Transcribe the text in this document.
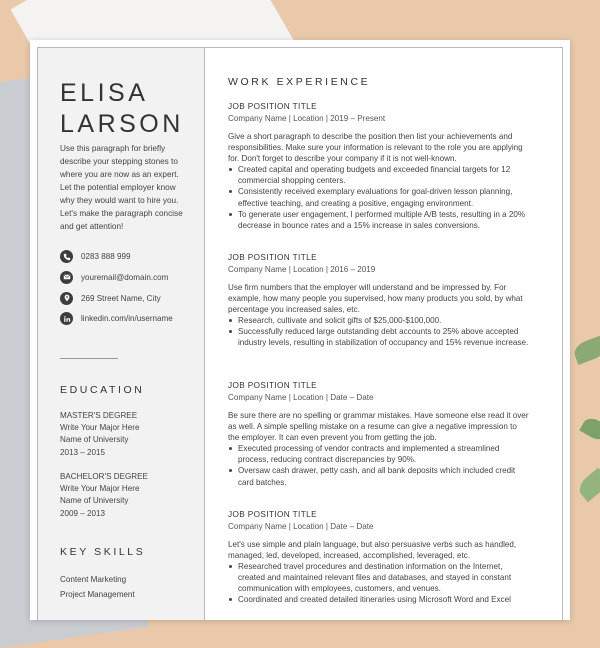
ELISA
LARSON
Use this paragraph for briefly describe your stepping stones to where you are now as an expert. Let the potential employer know why they would want to hire you. Let's make the paragraph concise and get attention!
0283 888 999
youremail@domain.com
269 Street Name, City
linkedin.com/in/username
EDUCATION
MASTER'S DEGREE
Write Your Major Here
Name of University
2013 – 2015
BACHELOR'S DEGREE
Write Your Major Here
Name of University
2009 – 2013
KEY SKILLS
Content Marketing
Project Management
WORK EXPERIENCE
JOB POSITION TITLE
Company Name | Location | 2019 – Present
Give a short paragraph to describe the position then list your achievements and responsibilities. Make sure your information is relevant to the role you are applying for. Don't forget to describe your company if it is not well-known.
Created capital and operating budgets and exceeded financial targets for 12 commercial shopping centers.
Consistently received exemplary evaluations for goal-driven lesson planning, effective teaching, and creating a positive, engaging environment.
To generate user engagement, I performed multiple A/B tests, resulting in a 20% decrease in bounce rates and a 15% increase in sales conversions.
JOB POSITION TITLE
Company Name | Location | 2016 – 2019
Use firm numbers that the employer will understand and be impressed by. For example, how many people you supervised, how many products you sold, by what percentage you increased sales, etc.
Research, cultivate and solicit gifts of $25,000-$100,000.
Successfully reduced large outstanding debt accounts to 25% above accepted industry levels, resulting in stabilization of occupancy and 15% revenue increase.
JOB POSITION TITLE
Company Name | Location | Date – Date
Be sure there are no spelling or grammar mistakes. Have someone else read it over as well. A simple spelling mistake on a resume can give a negative impression to the employer. It can even prevent you from getting the job.
Executed processing of vendor contracts and implemented a streamlined process, reducing contract discrepancies by 90%.
Oversaw cash drawer, petty cash, and all bank deposits which included credit card batches.
JOB POSITION TITLE
Company Name | Location | Date – Date
Let's use simple and plain language, but also persuasive verbs such as handled, managed, led, developed, increased, accomplished, leveraged, etc.
Researched travel procedures and destination information on the Internet, created and maintained relevant files and databases, and stayed in constant communication with employees, customers, and venues.
Coordinated and created detailed itineraries using Microsoft Word and Excel
